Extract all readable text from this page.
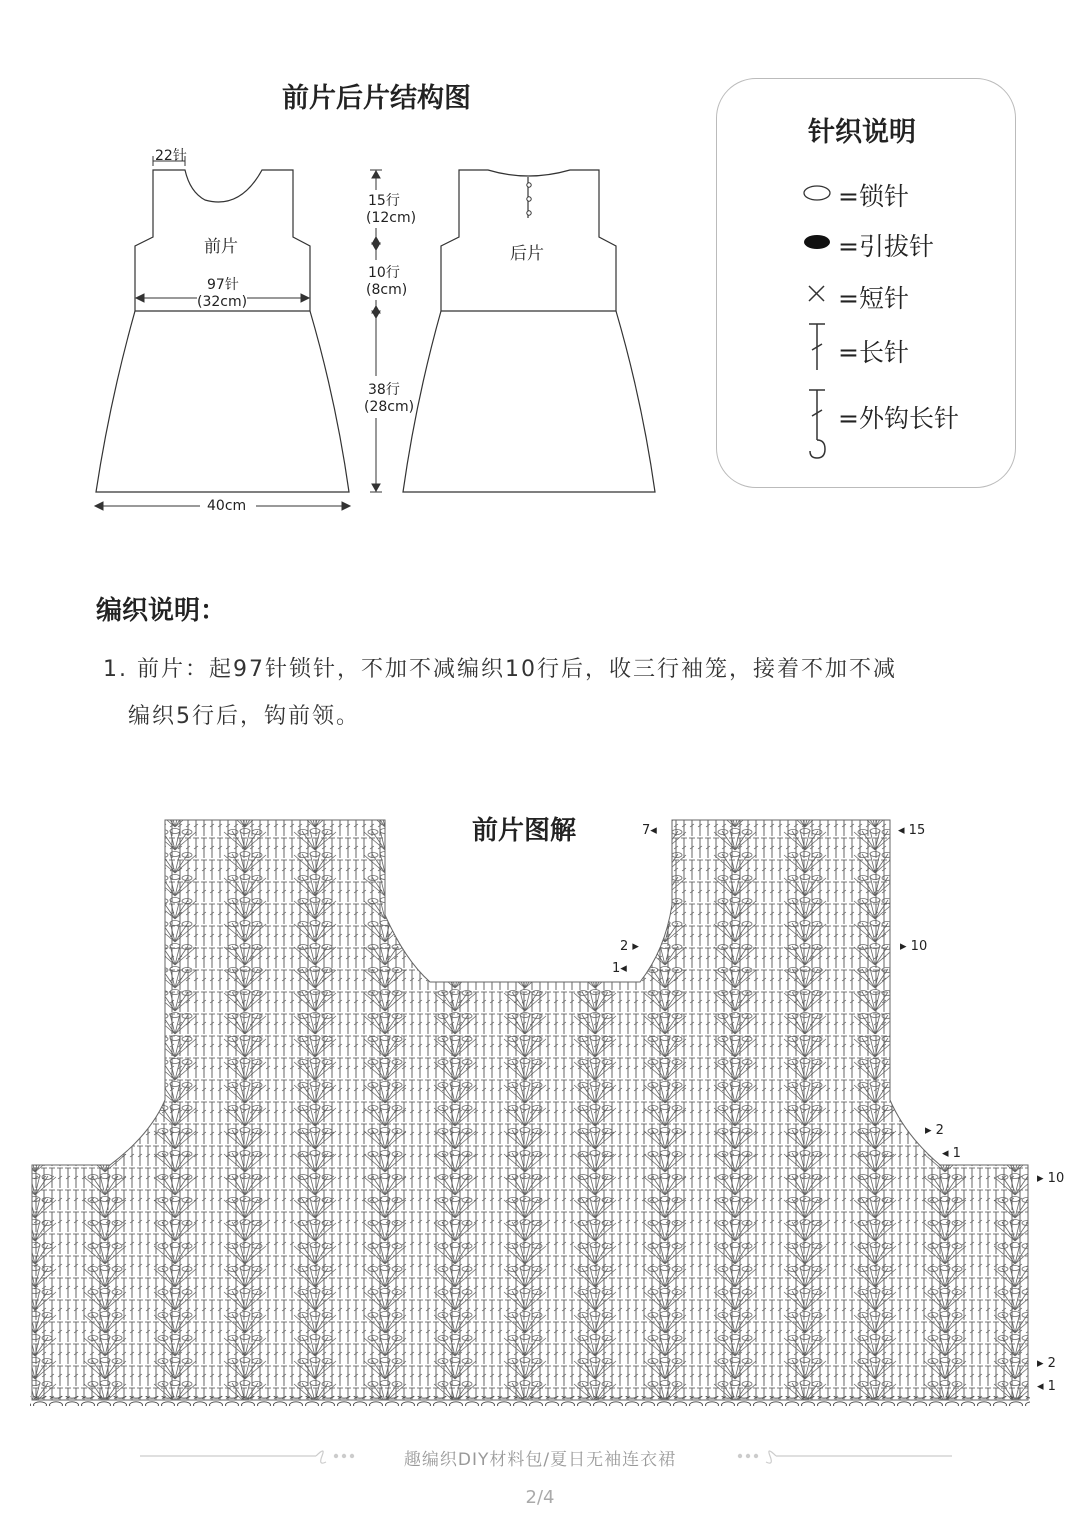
前片后片结构图
22针
前片	后片
97针
(32cm)
40cm
15行
(12cm)
10行
(8cm)
38行
(28cm)
针织说明
=锁针
=引拔针
=短针
=长针
=外钩长针
编织说明：
1. 前片：起97针锁针，不加不减编织10行后，收三行袖笼，接着不加不减
编织5行后，钩前领。
前片图解	◂ 15
7◂
▸ 10
2 ▸
1◂
▸ 2
◂ 1
▸ 10
▸ 2
◂ 1
趣编织DIY材料包/夏日无袖连衣裙
2/4
